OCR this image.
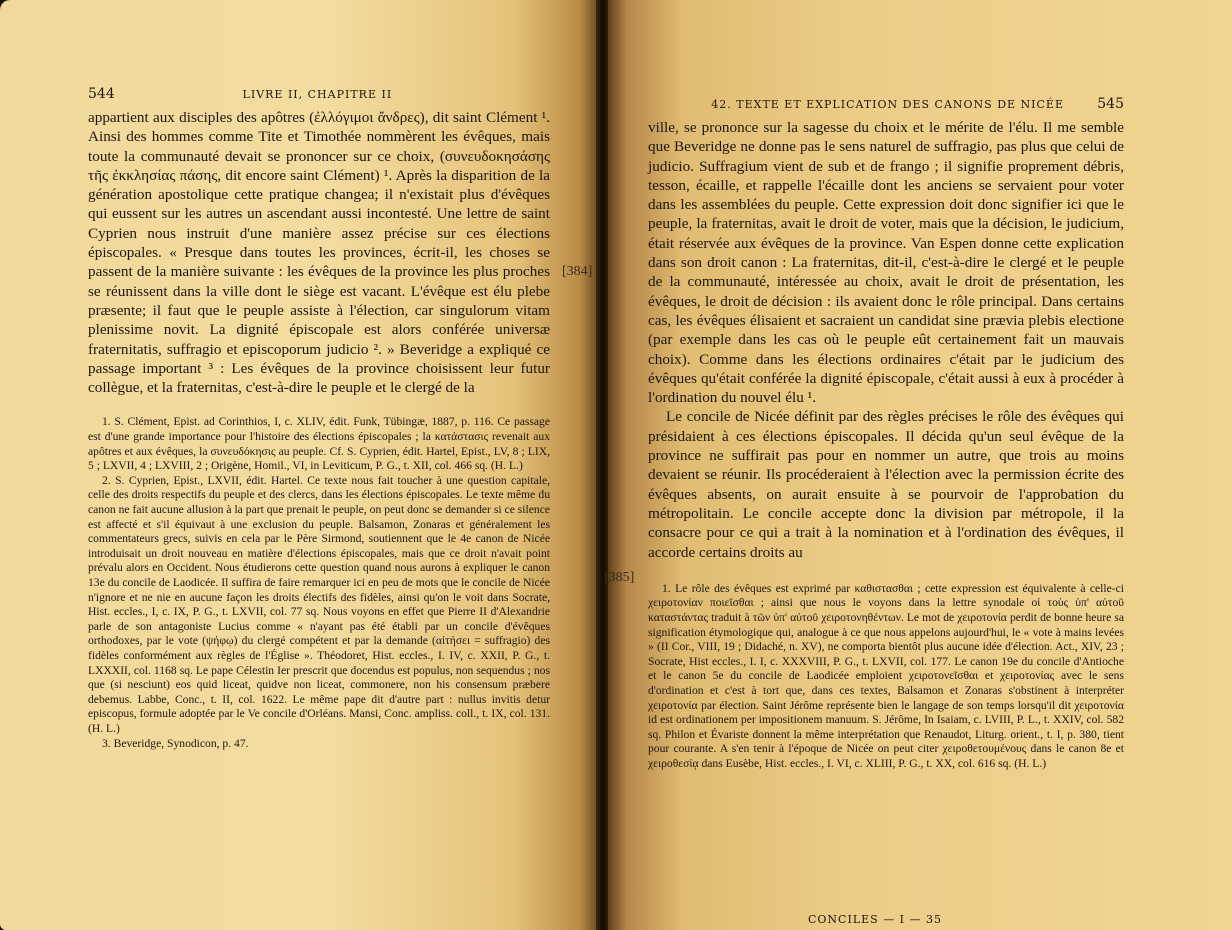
544	LIVRE II, CHAPITRE II

appartient aux disciples des apôtres (ἐλλόγιμοι ἄνδρες), dit saint Clément ¹. Ainsi des hommes comme Tite et Timothée nommèrent les évêques, mais toute la communauté devait se prononcer sur ce choix, (συνευδοκησάσης τῆς ἐκκλησίας πάσης, dit encore saint Clément) ¹. Après la disparition de la génération apostolique cette pratique changea; il n'existait plus d'évêques qui eussent sur les autres un ascendant aussi incontesté. Une lettre de saint Cyprien nous instruit d'une manière assez précise sur ces élections épiscopales. « Presque dans toutes les provinces, écrit-il, les choses se passent de la manière suivante : les évêques de la province les plus proches se réunissent dans la ville dont le siège est vacant. L'évêque est élu plebe præsente; il faut que le peuple assiste à l'élection, car singulorum vitam plenissime novit. La dignité épiscopale est alors conférée universæ fraternitatis, suffragio et episcoporum judicio ². » Beveridge a expliqué ce passage important ³ : Les évêques de la province choisissent leur futur collègue, et la fraternitas, c'est-à-dire le peuple et le clergé de la

1. S. Clément, Epist. ad Corinthios, I, c. XLIV, édit. Funk, Tübingæ, 1887, p. 116. Ce passage est d'une grande importance pour l'histoire des élections épiscopales ; la κατάστασις revenait aux apôtres et aux évêques, la συνευδόκησις au peuple. Cf. S. Cyprien, édit. Hartel, Epist., LV, 8 ; LIX, 5 ; LXVII, 4 ; LXVIII, 2 ; Origène, Homil., VI, in Leviticum, P. G., t. XII, col. 466 sq. (H. L.)

2. S. Cyprien, Epist., LXVII, édit. Hartel. Ce texte nous fait toucher à une question capitale, celle des droits respectifs du peuple et des clercs, dans les élections épiscopales. Le texte même du canon ne fait aucune allusion à la part que prenait le peuple, on peut donc se demander si ce silence est affecté et s'il équivaut à une exclusion du peuple. Balsamon, Zonaras et généralement les commentateurs grecs, suivis en cela par le Père Sirmond, soutiennent que le 4e canon de Nicée introduisait un droit nouveau en matière d'élections épiscopales, mais que ce droit n'avait point prévalu alors en Occident. Nous étudierons cette question quand nous aurons à expliquer le canon 13e du concile de Laodicée. Il suffira de faire remarquer ici en peu de mots que le concile de Nicée n'ignore et ne nie en aucune façon les droits électifs des fidèles, ainsi qu'on le voit dans Socrate, Hist. eccles., I, c. IX, P. G., t. LXVII, col. 77 sq. Nous voyons en effet que Pierre II d'Alexandrie parle de son antagoniste Lucius comme « n'ayant pas été établi par un concile d'évêques orthodoxes, par le vote (ψήφῳ) du clergé compétent et par la demande (αἰτήσει = suffragio) des fidèles conformément aux règles de l'Église ». Théodoret, Hist. eccles., I. IV, c. XXII, P. G., t. LXXXII, col. 1168 sq. Le pape Célestin Ier prescrit que docendus est populus, non sequendus ; nos que (si nesciunt) eos quid liceat, quidve non liceat, commonere, non his consensum præbere debemus. Labbe, Conc., t. II, col. 1622. Le même pape dit d'autre part : nullus invitis detur episcopus, formule adoptée par le Ve concile d'Orléans. Mansi, Conc. ampliss. coll., t. IX, col. 131. (H. L.)

3. Beveridge, Synodicon, p. 47.

42. TEXTE ET EXPLICATION DES CANONS DE NICÉE 545

ville, se prononce sur la sagesse du choix et le mérite de l'élu. Il me semble que Beveridge ne donne pas le sens naturel de suffragio, pas plus que celui de judicio. Suffragium vient de sub et de frango ; il signifie proprement débris, tesson, écaille, et rappelle l'écaille dont les anciens se servaient pour voter dans les assemblées du peuple. Cette expression doit donc signifier ici que le peuple, la fraternitas, avait le droit de voter, mais que la décision, le judicium, était réservée aux évêques de la province. Van Espen donne cette explication dans son droit canon : La fraternitas, dit-il, c'est-à-dire le clergé et le peuple de la communauté, intéressée au choix, avait le droit de présentation, les évêques, le droit de décision : ils avaient donc le rôle principal. Dans certains cas, les évêques élisaient et sacraient un candidat sine prævia plebis electione (par exemple dans les cas où le peuple eût certainement fait un mauvais choix). Comme dans les élections ordinaires c'était par le judicium des évêques qu'était conférée la dignité épiscopale, c'était aussi à eux à procéder à l'ordination du nouvel élu ¹.

Le concile de Nicée définit par des règles précises le rôle des évêques qui présidaient à ces élections épiscopales. Il décida qu'un seul évêque de la province ne suffirait pas pour en nommer un autre, que trois au moins devaient se réunir. Ils procéderaient à l'élection avec la permission écrite des évêques absents, on aurait ensuite à se pourvoir de l'approbation du métropolitain. Le concile accepte donc la division par métropole, il la consacre pour ce qui a trait à la nomination et à l'ordination des évêques, il accorde certains droits au

1. Le rôle des évêques est exprimé par καθιστασθαι ; cette expression est équivalente à celle-ci χειροτονίαν ποιεῖσθαι ; ainsi que nous le voyons dans la lettre synodale οἱ τοὺς ὑπ' αὐτοῦ καταστάντας traduit à τῶν ὑπ' αὐτοῦ χειροτονηθέντων. Le mot de χειροτονία perdit de bonne heure sa signification étymologique qui, analogue à ce que nous appelons aujourd'hui, le « vote à mains levées » (II Cor., VIII, 19 ; Didaché, n. XV), ne comporta bientôt plus aucune idée d'élection. Act., XIV, 23 ; Socrate, Hist eccles., I. I, c. XXXVIII, P. G., t. LXVII, col. 177. Le canon 19e du concile d'Antioche et le canon 5e du concile de Laodicée emploient χειροτονεῖσθαι et χειροτονίας avec le sens d'ordination et c'est à tort que, dans ces textes, Balsamon et Zonaras s'obstinent à interpréter χειροτονία par élection. Saint Jérôme représente bien le langage de son temps lorsqu'il dit χειροτονία id est ordinationem per impositionem manuum. S. Jérôme, In Isaiam, c. LVIII, P. L., t. XXIV, col. 582 sq. Philon et Évariste donnent la même interprétation que Renaudot, Liturg. orient., t. I, p. 380, tient pour courante. A s'en tenir à l'époque de Nicée on peut citer χειροθετουμένους dans le canon 8e et χειροθεσίᾳ dans Eusèbe, Hist. eccles., I. VI, c. XLIII, P. G., t. XX, col. 616 sq. (H. L.)

CONCILES — I — 35
[384]
[385]
